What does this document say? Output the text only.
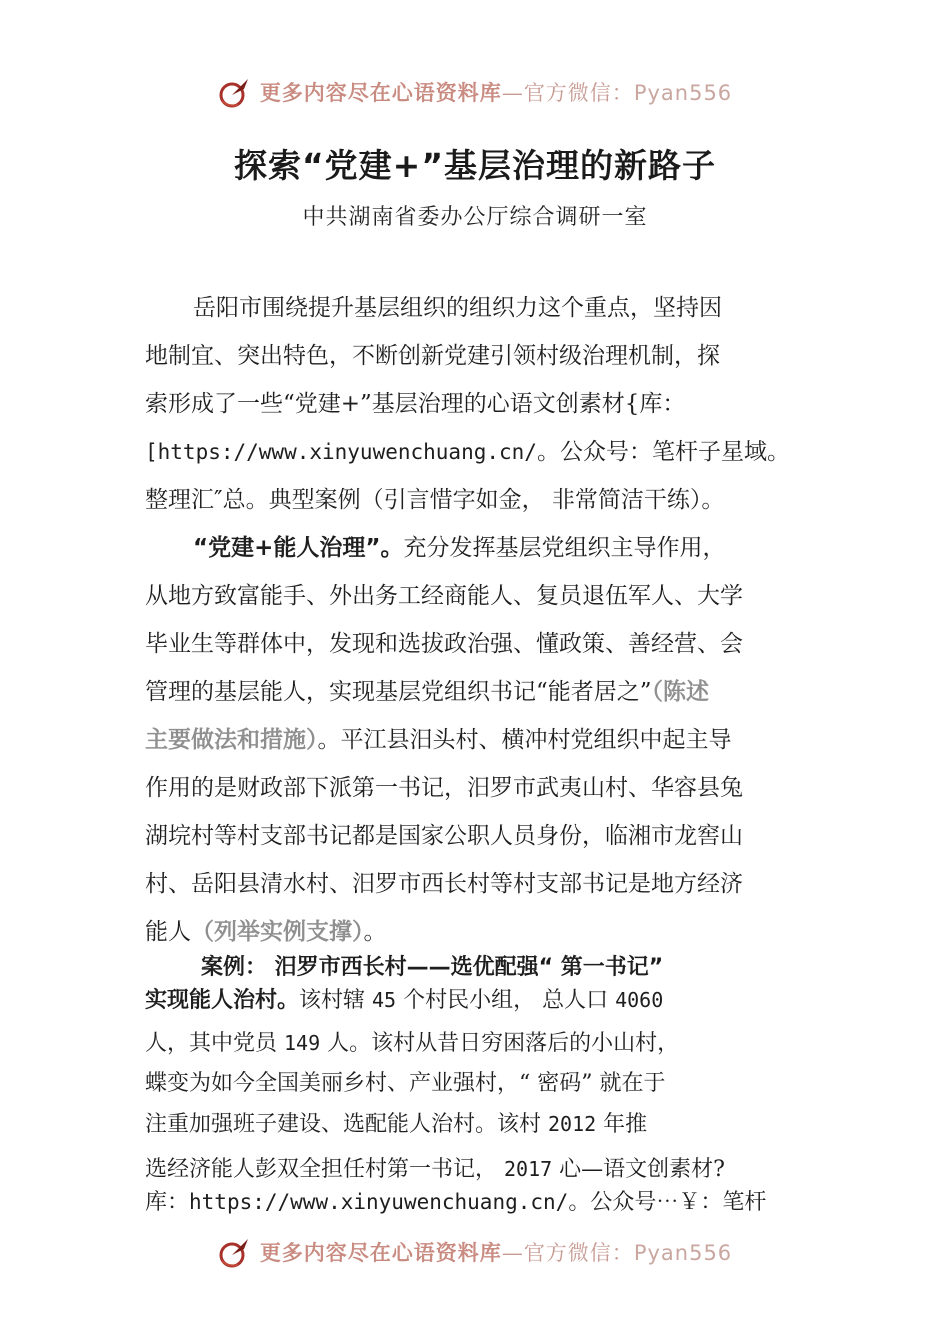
更多内容尽在心语资料库—官方微信：Pyan556
探索“党建+”基层治理的新路子
中共湖南省委办公厅综合调研一室
岳阳市围绕提升基层组织的组织力这个重点，坚持因
地制宜、突出特色，不断创新党建引领村级治理机制，探
索形成了一些“党建+”基层治理的心语文创素材{库：
[https://www.xinyuwenchuang.cn/。公众号：笔杆子星域。
整理汇″总。典型案例（引言惜字如金， 非常简洁干练）。
“党建+能人治理”。充分发挥基层党组织主导作用，
从地方致富能手、外出务工经商能人、复员退伍军人、大学
毕业生等群体中，发现和选拔政治强、懂政策、善经营、会
管理的基层能人，实现基层党组织书记“能者居之”（陈述
主要做法和措施）。平江县汨头村、横冲村党组织中起主导
作用的是财政部下派第一书记，汨罗市武夷山村、华容县兔
湖垸村等村支部书记都是国家公职人员身份，临湘市龙窖山
村、岳阳县清水村、汨罗市西长村等村支部书记是地方经济
能人（列举实例支撑）。
案例： 汨罗市西长村——选优配强“ 第一书记”
实现能人治村。该村辖 45 个村民小组， 总人口 4060
人，其中党员 149 人。该村从昔日穷困落后的小山村，
蝶变为如今全国美丽乡村、产业强村，“ 密码” 就在于
注重加强班子建设、选配能人治村。该村 2012 年推
选经济能人彭双全担任村第一书记， 2017 心—语文创素材?
库：https://www.xinyuwenchuang.cn/。公众号⋯￥：笔杆
更多内容尽在心语资料库—官方微信：Pyan556
